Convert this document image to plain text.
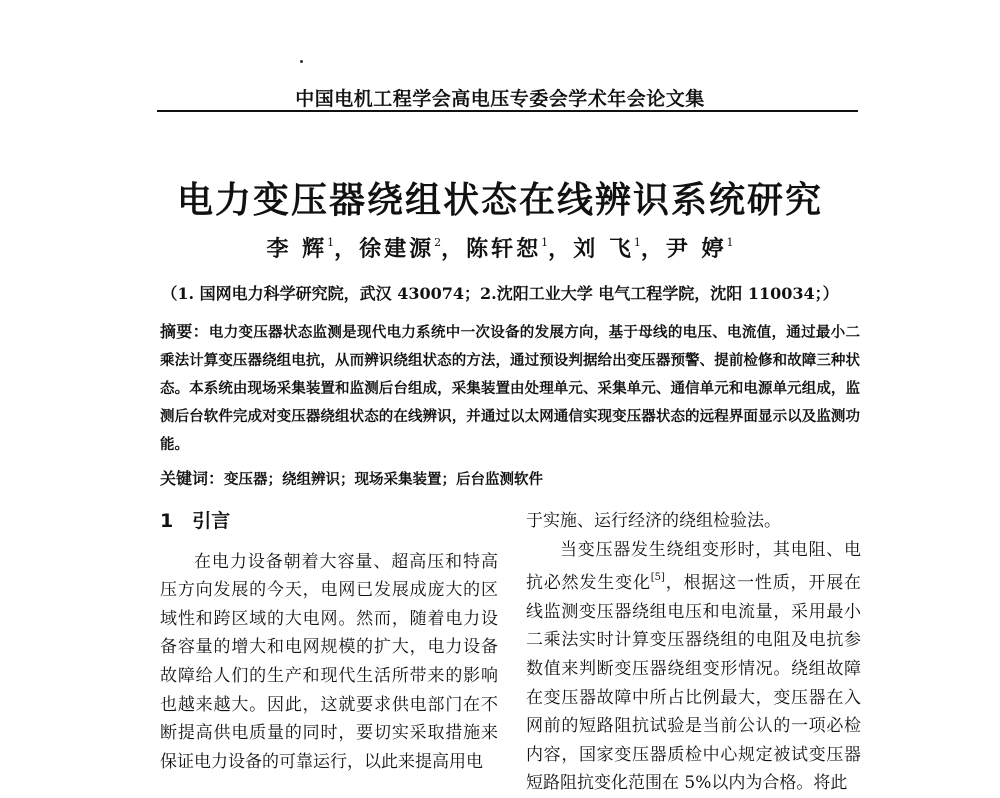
中国电机工程学会高电压专委会学术年会论文集
电力变压器绕组状态在线辨识系统研究
李 辉$^1$，徐建源$^2$，陈轩恕$^1$，刘 飞$^1$，尹 婷$^1$
（1. 国网电力科学研究院，武汉 430074；2.沈阳工业大学 电气工程学院，沈阳 110034；）
摘要：电力变压器状态监测是现代电力系统中一次设备的发展方向，基于母线的电压、电流值，通过最小二乘法计算变压器绕组电抗，从而辨识绕组状态的方法，通过预设判据给出变压器预警、提前检修和故障三种状态。本系统由现场采集装置和监测后台组成，采集装置由处理单元、采集单元、通信单元和电源单元组成，监测后台软件完成对变压器绕组状态的在线辨识，并通过以太网通信实现变压器状态的远程界面显示以及监测功能。
关键词：变压器；绕组辨识；现场采集装置；后台监测软件
1　引言

在电力设备朝着大容量、超高压和特高压方向发展的今天，电网已发展成庞大的区域性和跨区域的大电网。然而，随着电力设备容量的增大和电网规模的扩大，电力设备故障给人们的生产和现代生活所带来的影响也越来越大。因此，这就要求供电部门在不断提高供电质量的同时，要切实采取措施来保证电力设备的可靠运行，以此来提高用电

于实施、运行经济的绕组检验法。

当变压器发生绕组变形时，其电阻、电抗必然发生变化[5]，根据这一性质，开展在线监测变压器绕组电压和电流量，采用最小二乘法实时计算变压器绕组的电阻及电抗参数值来判断变压器绕组变形情况。绕组故障在变压器故障中所占比例最大，变压器在入网前的短路阻抗试验是当前公认的一项必检内容，国家变压器质检中心规定被试变压器短路阻抗变化范围在 5%以内为合格。将此
